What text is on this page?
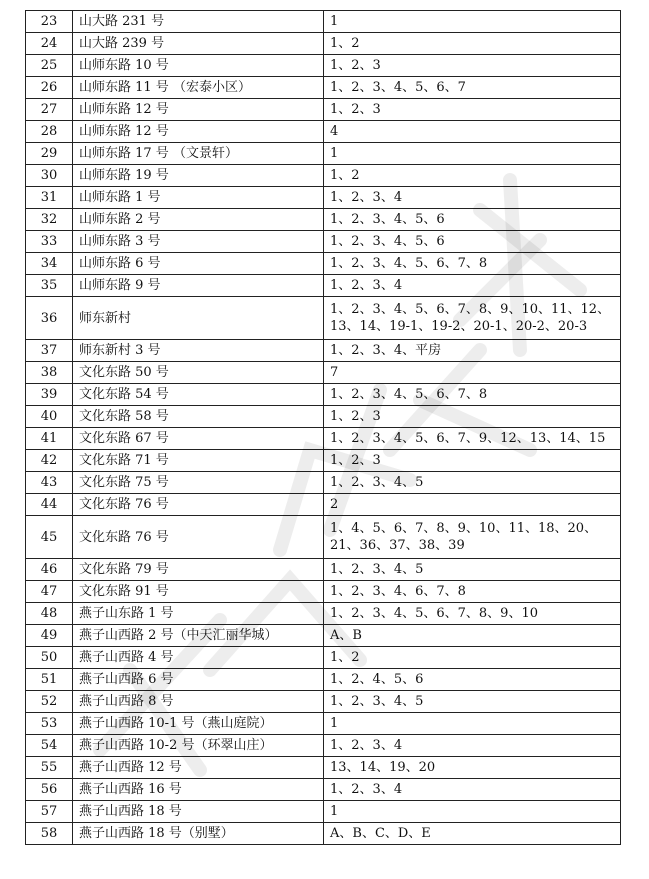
23	山大路 231 号	1
24	山大路 239 号	1、2
25	山师东路 10 号	1、2、3
26	山师东路 11 号 （宏泰小区）	1、2、3、4、5、6、7
27	山师东路 12 号	1、2、3
28	山师东路 12 号	4
29	山师东路 17 号 （文景轩）	1
30	山师东路 19 号	1、2
31	山师东路 1 号	1、2、3、4
32	山师东路 2 号	1、2、3、4、5、6
33	山师东路 3 号	1、2、3、4、5、6
34	山师东路 6 号	1、2、3、4、5、6、7、8
35	山师东路 9 号	1、2、3、4
36	师东新村	1、2、3、4、5、6、7、8、9、10、11、12、13、14、19-1、19-2、20-1、20-2、20-3
37	师东新村 3 号	1、2、3、4、平房
38	文化东路 50 号	7
39	文化东路 54 号	1、2、3、4、5、6、7、8
40	文化东路 58 号	1、2、3
41	文化东路 67 号	1、2、3、4、5、6、7、9、12、13、14、15
42	文化东路 71 号	1、2、3
43	文化东路 75 号	1、2、3、4、5
44	文化东路 76 号	2
45	文化东路 76 号	1、4、5、6、7、8、9、10、11、18、20、21、36、37、38、39
46	文化东路 79 号	1、2、3、4、5
47	文化东路 91 号	1、2、3、4、6、7、8
48	燕子山东路 1 号	1、2、3、4、5、6、7、8、9、10
49	燕子山西路 2 号（中天汇丽华城）	A、B
50	燕子山西路 4 号	1、2
51	燕子山西路 6 号	1、2、4、5、6
52	燕子山西路 8 号	1、2、3、4、5
53	燕子山西路 10-1 号（燕山庭院）	1
54	燕子山西路 10-2 号（环翠山庄）	1、2、3、4
55	燕子山西路 12 号	13、14、19、20
56	燕子山西路 16 号	1、2、3、4
57	燕子山西路 18 号	1
58	燕子山西路 18 号（别墅）	A、B、C、D、E
